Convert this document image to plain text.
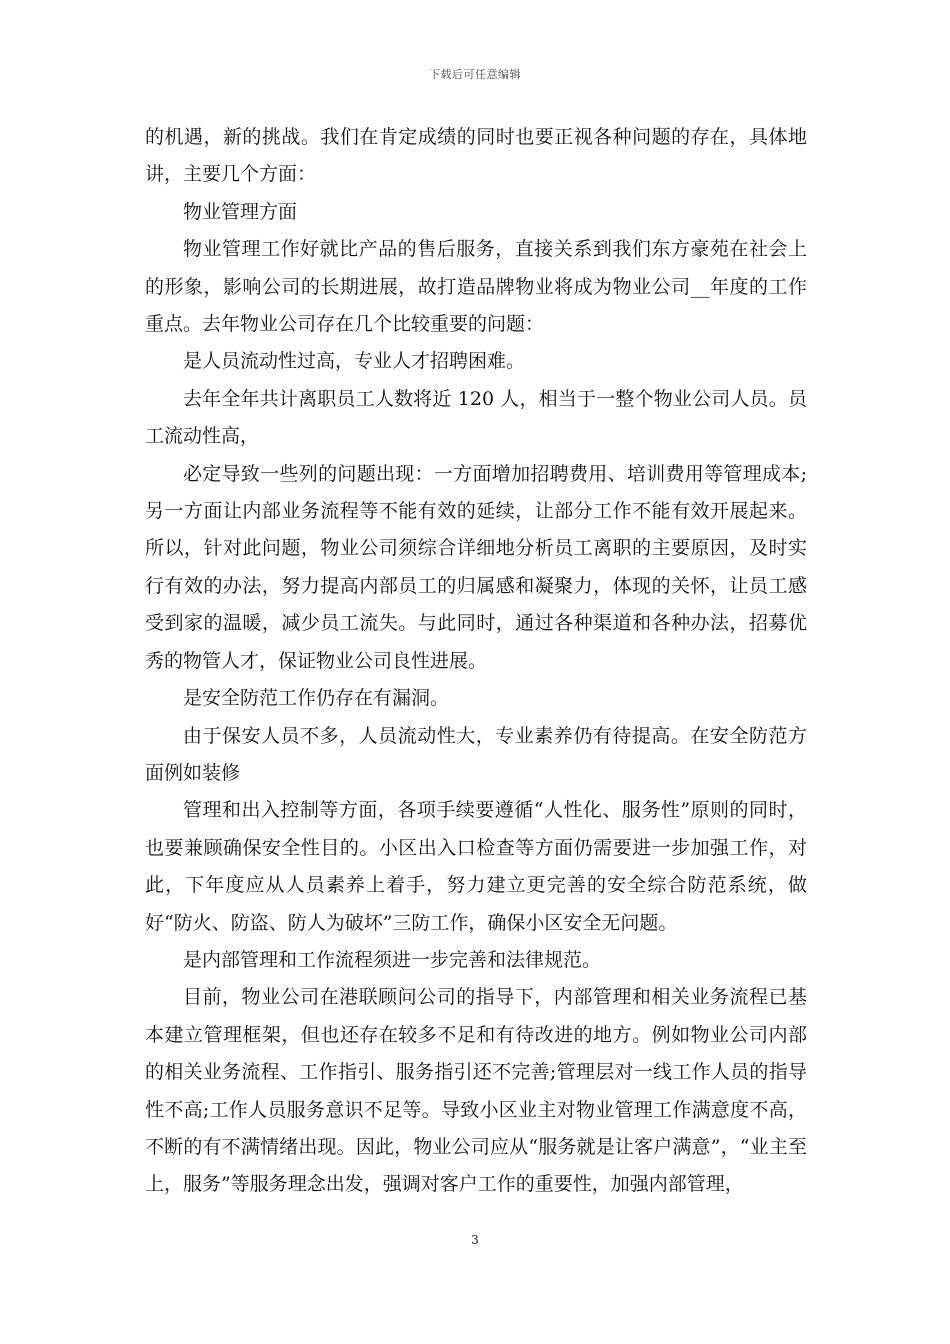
下载后可任意编辑

的机遇，新的挑战。我们在肯定成绩的同时也要正视各种问题的存在，具体地讲，主要几个方面：

物业管理方面

物业管理工作好就比产品的售后服务，直接关系到我们东方豪苑在社会上的形象，影响公司的长期进展，故打造品牌物业将成为物业公司__年度的工作重点。去年物业公司存在几个比较重要的问题：

是人员流动性过高，专业人才招聘困难。

去年全年共计离职员工人数将近 120 人，相当于一整个物业公司人员。员工流动性高，

必定导致一些列的问题出现：一方面增加招聘费用、培训费用等管理成本;另一方面让内部业务流程等不能有效的延续，让部分工作不能有效开展起来。所以，针对此问题，物业公司须综合详细地分析员工离职的主要原因，及时实行有效的办法，努力提高内部员工的归属感和凝聚力，体现的关怀，让员工感受到家的温暖，减少员工流失。与此同时，通过各种渠道和各种办法，招募优秀的物管人才，保证物业公司良性进展。

是安全防范工作仍存在有漏洞。

由于保安人员不多，人员流动性大，专业素养仍有待提高。在安全防范方面例如装修

管理和出入控制等方面，各项手续要遵循“人性化、服务性”原则的同时，也要兼顾确保安全性目的。小区出入口检查等方面仍需要进一步加强工作，对此，下年度应从人员素养上着手，努力建立更完善的安全综合防范系统，做好“防火、防盗、防人为破坏”三防工作，确保小区安全无问题。

是内部管理和工作流程须进一步完善和法律规范。

目前，物业公司在港联顾问公司的指导下，内部管理和相关业务流程已基本建立管理框架，但也还存在较多不足和有待改进的地方。例如物业公司内部的相关业务流程、工作指引、服务指引还不完善;管理层对一线工作人员的指导性不高;工作人员服务意识不足等。导致小区业主对物业管理工作满意度不高，不断的有不满情绪出现。因此，物业公司应从“服务就是让客户满意”，“业主至上，服务”等服务理念出发，强调对客户工作的重要性，加强内部管理，

3
